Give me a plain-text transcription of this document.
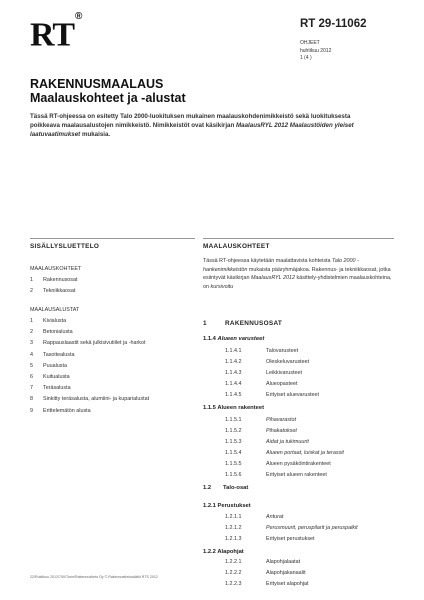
RT®
RT 29-11062
OHJEET
huhtikuu 2012
1 (4 )
RAKENNUSMAALAUS
Maalauskohteet ja -alustat
Tässä RT-ohjeessa on esitetty Talo 2000-luokituksen mukainen maalauskohdenimikkeistö sekä luokituksesta poikkeava maalausalustojen nimikkeistö. Nimikkeistöt ovat käsikirjan MaalausRYL 2012 Maalaustöiden yleiset laatuvaatimukset mukaisia.
SISÄLLYSLUETTELO
MAALAUSKOHTEET
1 Rakennusosat
2 Tekniikkaosat
MAALAUSALUSTAT
1 Kivialusta
2 Betonialusta
3 Rappauslaastit sekä julkisivutiilet ja -harkot
4 Tasoitealusta
5 Puualusta
6 Kuitualusta
7 Teräsalusta
8 Sinkitty teräsalusta, alumiini- ja kuparialustat
9 Erittelemätön alusta
MAALAUSKOHTEET
Tässä RT-ohjeessa käytetään maalattavista kohteista Talo 2000 -hankenimikkeistön mukaista pääryhmäjakoa. Rakennus- ja tekniikkaosat, jotka esiintyvät käsikirjan MaalausRYL 2012 käsittely-yhdistelmien maalauskohteina, on kursivoitu
1	RAKENNUSOSAT
1.1.4 Alueen varusteet
1.1.4.1	Talovarusteet
1.1.4.2	Oleskeluvarusteet
1.1.4.3	Leikkivarusteet
1.1.4.4	Alueopasteet
1.1.4.5	Erityiset aluevarusteet
1.1.5 Alueen rakenteet
1.1.5.1	Pihavarastot
1.1.5.2	Pihakatokset
1.1.5.3	Aidat ja tukimuurit
1.1.5.4	Alueen portaat, luiskat ja terassit
1.1.5.5	Alueen pysäköintirakenteet
1.1.5.6	Erityiset alueen rakenteet
1.2 Talo-osat
1.2.1 Perustukset
1.2.1.1	Anturat
1.2.1.2	Perusmuurit, peruspilarit ja peruspalkit
1.2.1.3	Erityiset perustukset
1.2.2 Alapohjat
1.2.2.1	Alapohjalaatat
1.2.2.2	Alapohjakanaalit
1.2.2.3	Erityiset alapohjat
22\Rukitkuu 2012/700/Turin/Rakennustieto Oy © Rakennustietosäätiö RTS 2012
